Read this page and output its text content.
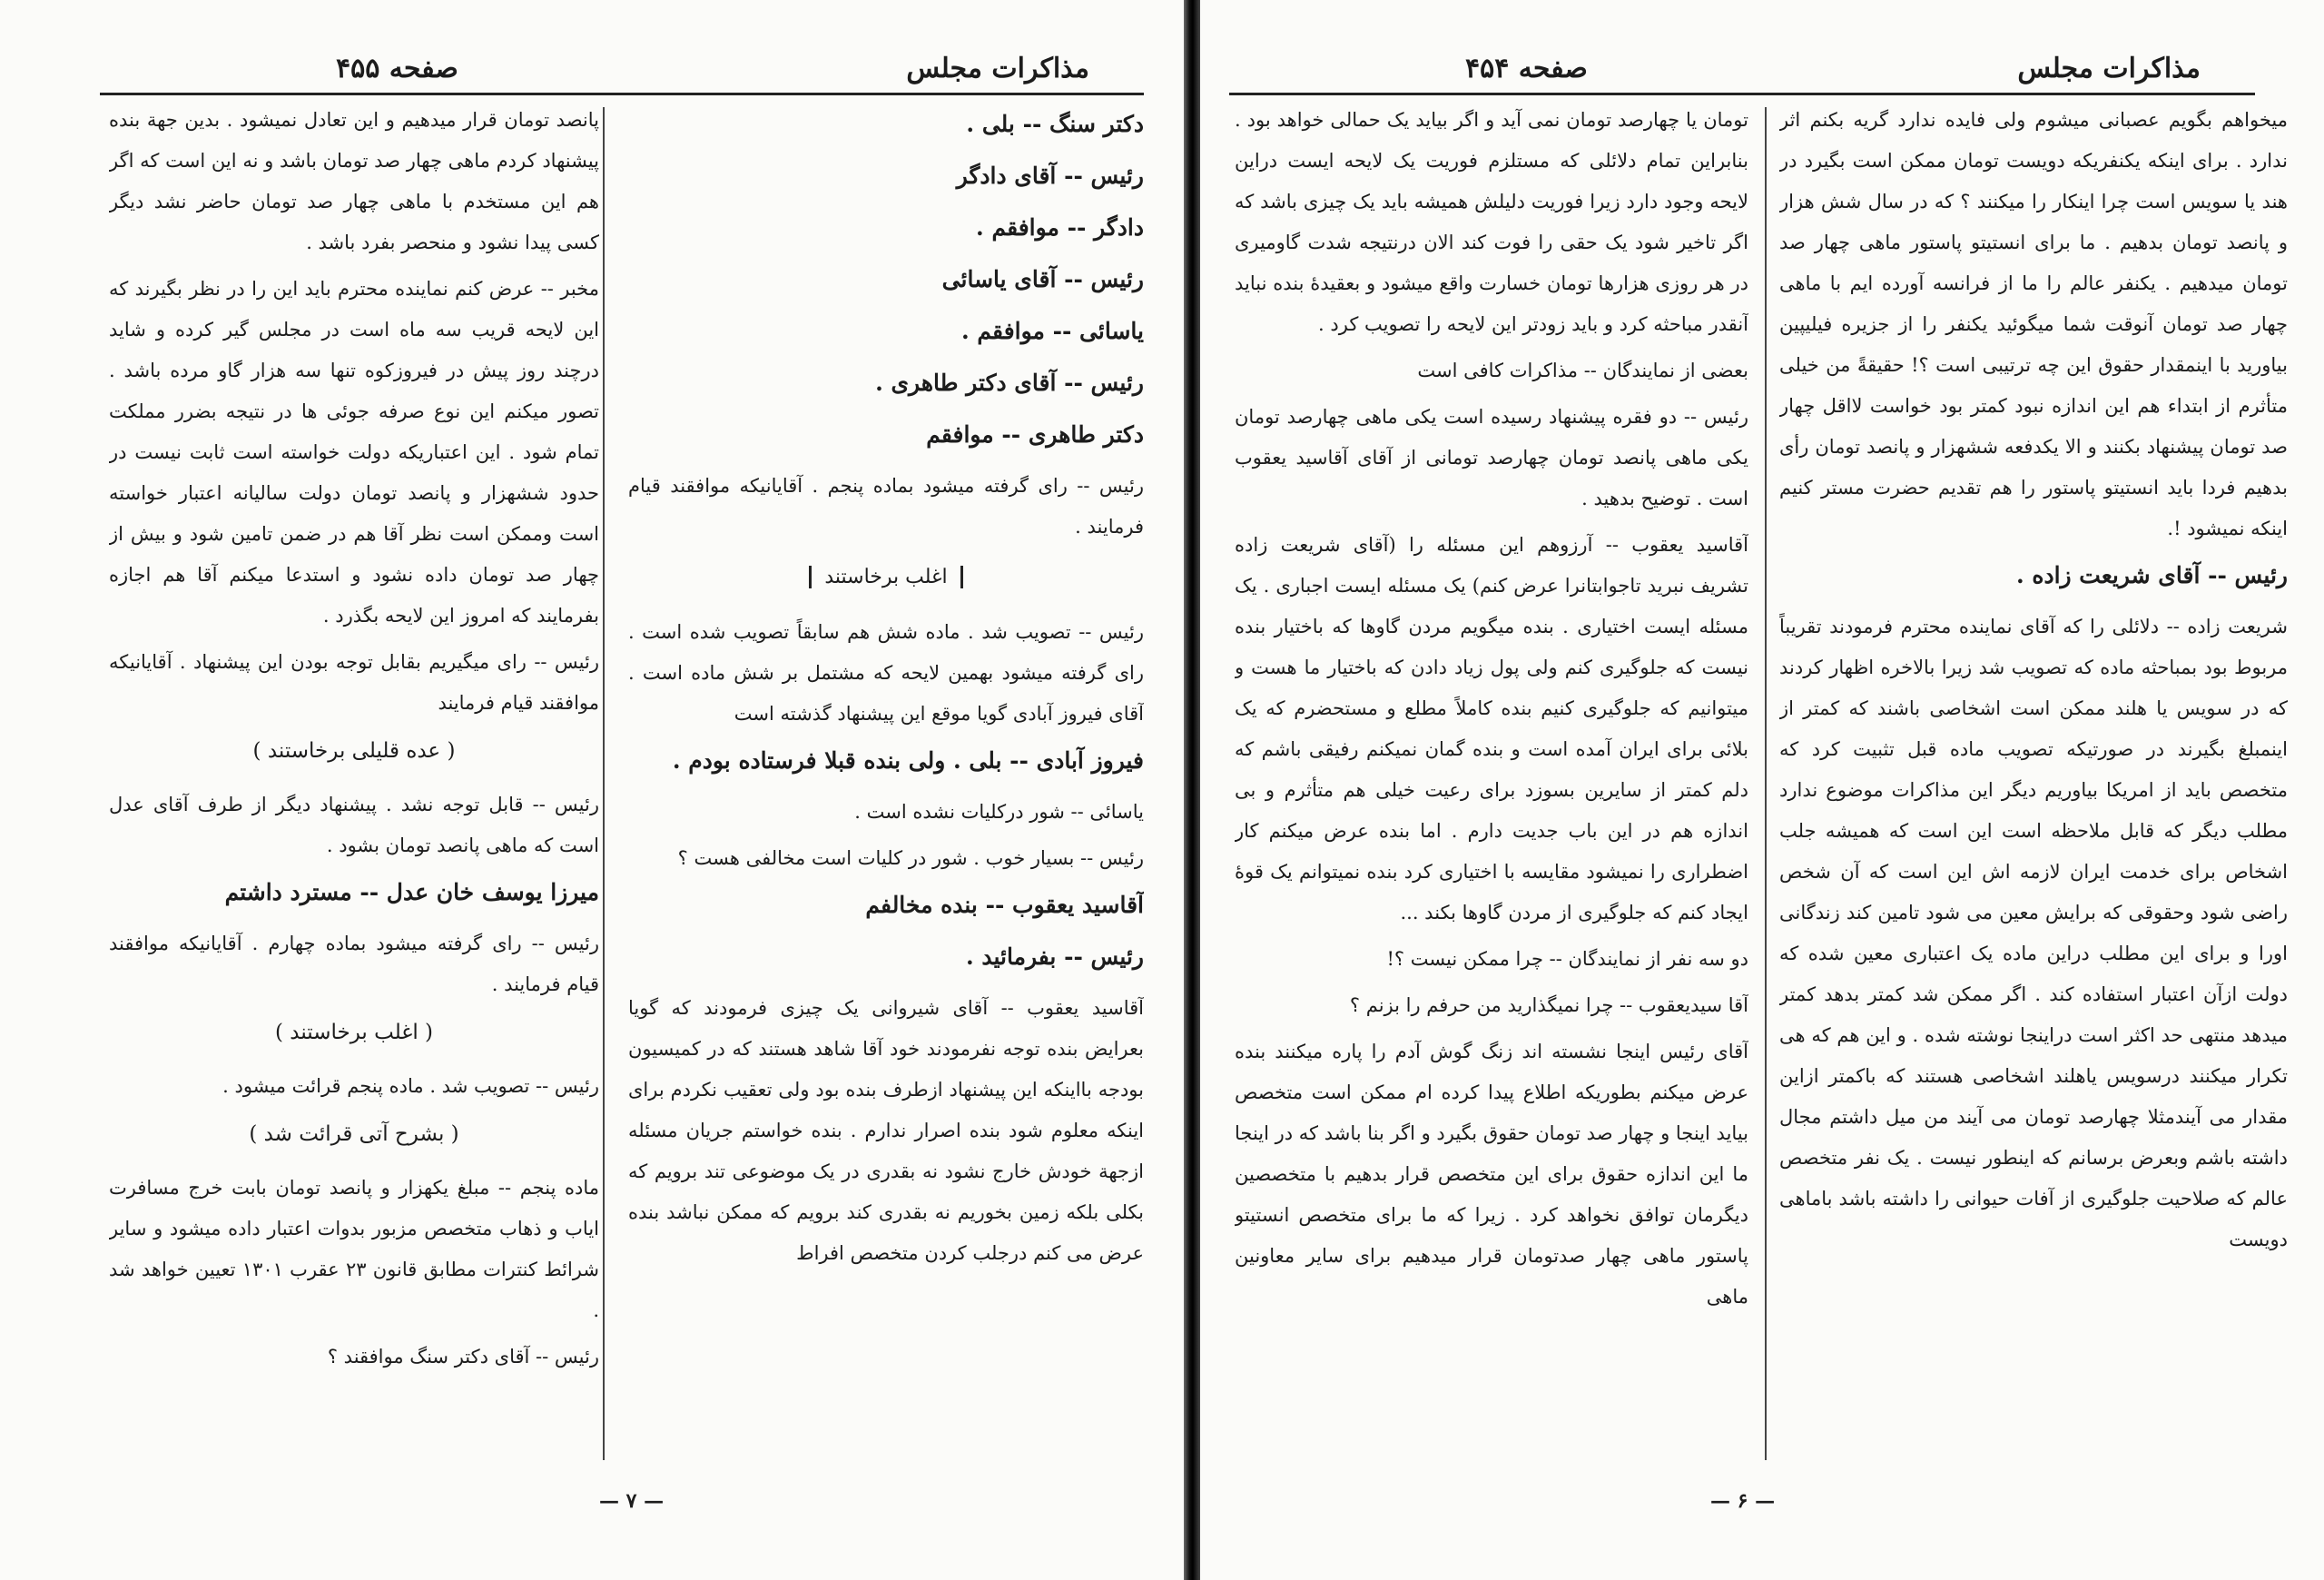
مذاکرات مجلس
صفحه ۴۵۵

دکتر سنگ -- بلی .

رئیس -- آقای دادگر

دادگر -- موافقم .

رئیس -- آقای یاسائی

یاسائی -- موافقم .

رئیس -- آقای دکتر طاهری .

دکتر طاهری -- موافقم

رئیس -- رای گرفته میشود بماده پنجم . آقایانیکه موافقند قیام فرمایند .

اغلب برخاستند

رئیس -- تصویب شد . ماده شش هم سابقاً تصویب شده است . رای گرفته میشود بهمین لایحه که مشتمل بر شش ماده است . آقای فیروز آبادی گویا موقع این پیشنهاد گذشته است

فیروز آبادی -- بلی . ولی بنده قبلا فرستاده بودم .

یاسائی -- شور درکلیات نشده است .

رئیس -- بسیار خوب . شور در کلیات است مخالفی هست ؟

آقاسید یعقوب -- بنده مخالفم

رئیس -- بفرمائید .

آقاسید یعقوب -- آقای شیروانی یک چیزی فرمودند که گویا بعرایض بنده توجه نفرمودند خود آقا شاهد هستند که در کمیسیون بودجه بااینکه این پیشنهاد ازطرف بنده بود ولی تعقیب نکردم برای اینکه معلوم شود بنده اصرار ندارم . بنده خواستم جریان مسئله ازجهة خودش خارج نشود نه بقدری در یک موضوعی تند برویم که بکلی بلکه زمین بخوریم نه بقدری کند برویم که ممکن نباشد بنده عرض می کنم درجلب کردن متخصص افراط

پانصد تومان قرار میدهیم و این تعادل نمیشود . بدین جهة بنده پیشنهاد کردم ماهی چهار صد تومان باشد و نه این است که اگر هم این مستخدم با ماهی چهار صد تومان حاضر نشد دیگر کسی پیدا نشود و منحصر بفرد باشد .

مخبر -- عرض کنم نماینده محترم باید این را در نظر بگیرند که این لایحه قریب سه ماه است در مجلس گیر کرده و شاید درچند روز پیش در فیروزکوه تنها سه هزار گاو مرده باشد . تصور میکنم این نوع صرفه جوئی ها در نتیجه بضرر مملکت تمام شود . این اعتباریکه دولت خواسته است ثابت نیست در حدود ششهزار و پانصد تومان دولت سالیانه اعتبار خواسته است وممکن است نظر آقا هم در ضمن تامین شود و بیش از چهار صد تومان داده نشود و استدعا میکنم آقا هم اجازه بفرمایند که امروز این لایحه بگذرد .

رئیس -- رای میگیریم بقابل توجه بودن این پیشنهاد . آقایانیکه موافقند قیام فرمایند

( عده قلیلی برخاستند )

رئیس -- قابل توجه نشد . پیشنهاد دیگر از طرف آقای عدل است که ماهی پانصد تومان بشود .

میرزا یوسف خان عدل -- مسترد داشتم

رئیس -- رای گرفته میشود بماده چهارم . آقایانیکه موافقند قیام فرمایند .

( اغلب برخاستند )

رئیس -- تصویب شد . ماده پنجم قرائت میشود .

( بشرح آتی قرائت شد )

ماده پنجم -- مبلغ یکهزار و پانصد تومان بابت خرج مسافرت ایاب و ذهاب متخصص مزبور بدوات اعتبار داده میشود و سایر شرائط کنترات مطابق قانون ۲۳ عقرب ۱۳۰۱ تعیین خواهد شد .

رئیس -- آقای دکتر سنگ موافقند ؟

— ۷ —
مذاکرات مجلس
صفحه ۴۵۴

میخواهم بگویم عصبانی میشوم ولی فایده ندارد گریه بکنم اثر ندارد . برای اینکه یکنفریکه دویست تومان ممکن است بگیرد در هند یا سویس است چرا اینکار را میکنند ؟ که در سال شش هزار و پانصد تومان بدهیم . ما برای انستیتو پاستور ماهی چهار صد تومان میدهیم . یکنفر عالم را ما از فرانسه آورده ایم با ماهی چهار صد تومان آنوقت شما میگوئید یکنفر را از جزیره فیلیپین بیاورید با اینمقدار حقوق این چه ترتیبی است ؟! حقیقةً من خیلی متأثرم از ابتداء هم این اندازه نبود کمتر بود خواست لااقل چهار صد تومان پیشنهاد بکنند و الا یکدفعه ششهزار و پانصد تومان رأی بدهیم فردا باید انستیتو پاستور را هم تقدیم حضرت مستر کنیم اینکه نمیشود !.

رئیس -- آقای شریعت زاده .

شریعت زاده -- دلائلی را که آقای نماینده محترم فرمودند تقریباً مربوط بود بمباحثه ماده که تصویب شد زیرا بالاخره اظهار کردند که در سویس یا هلند ممکن است اشخاصی باشند که کمتر از اینمبلغ بگیرند در صورتیکه تصویب ماده قبل تثبیت کرد که متخصص باید از امریکا بیاوریم دیگر این مذاکرات موضوع ندارد مطلب دیگر که قابل ملاحظه است این است که همیشه جلب اشخاص برای خدمت ایران لازمه اش این است که آن شخص راضی شود وحقوقی که برایش معین می شود تامین کند زندگانی اورا و برای این مطلب دراین ماده یک اعتباری معین شده که دولت ازآن اعتبار استفاده کند . اگر ممکن شد کمتر بدهد کمتر میدهد منتهی حد اکثر است دراینجا نوشته شده . و این هم که هی تکرار میکنند درسویس یاهلند اشخاصی هستند که باکمتر ازاین مقدار می آیندمثلا چهارصد تومان می آیند من میل داشتم مجال داشته باشم وبعرض برسانم که اینطور نیست . یک نفر متخصص عالم که صلاحیت جلوگیری از آفات حیوانی را داشته باشد باماهی دویست

تومان یا چهارصد تومان نمی آید و اگر بیاید یک حمالی خواهد بود . بنابراین تمام دلائلی که مستلزم فوریت یک لایحه ایست دراین لایحه وجود دارد زیرا فوریت دلیلش همیشه باید یک چیزی باشد که اگر تاخیر شود یک حقی را فوت کند الان درنتیجه شدت گاومیری در هر روزی هزارها تومان خسارت واقع میشود و بعقیدهٔ بنده نباید آنقدر مباحثه کرد و باید زودتر این لایحه را تصویب کرد .

بعضی از نمایندگان -- مذاکرات کافی است

رئیس -- دو فقره پیشنهاد رسیده است یکی ماهی چهارصد تومان یکی ماهی پانصد تومان چهارصد تومانی از آقای آقاسید یعقوب است . توضیح بدهید .

آقاسید یعقوب -- آرزوهم این مسئله را (آقای شریعت زاده تشریف نبرید تاجوابتانرا عرض کنم) یک مسئله ایست اجباری . یک مسئله ایست اختیاری . بنده میگویم مردن گاوها که باختیار بنده نیست که جلوگیری کنم ولی پول زیاد دادن که باختیار ما هست و میتوانیم که جلوگیری کنیم بنده کاملاً مطلع و مستحضرم که یک بلائی برای ایران آمده است و بنده گمان نمیکنم رفیقی باشم که دلم کمتر از سایرین بسوزد برای رعیت خیلی هم متأثرم و بی اندازه هم در این باب جدیت دارم . اما بنده عرض میکنم کار اضطراری را نمیشود مقایسه با اختیاری کرد بنده نمیتوانم یک قوهٔ ایجاد کنم که جلوگیری از مردن گاوها بکند ...

دو سه نفر از نمایندگان -- چرا ممکن نیست ؟!

آقا سیدیعقوب -- چرا نمیگذارید من حرفم را بزنم ؟

آقای رئیس اینجا نشسته اند زنگ گوش آدم را پاره میکنند بنده عرض میکنم بطوریکه اطلاع پیدا کرده ام ممکن است متخصص بیاید اینجا و چهار صد تومان حقوق بگیرد و اگر بنا باشد که در اینجا ما این اندازه حقوق برای این متخصص قرار بدهیم با متخصصین دیگرمان توافق نخواهد کرد . زیرا که ما برای متخصص انستیتو پاستور ماهی چهار صدتومان قرار میدهیم برای سایر معاونین ماهی

— ۶ —
